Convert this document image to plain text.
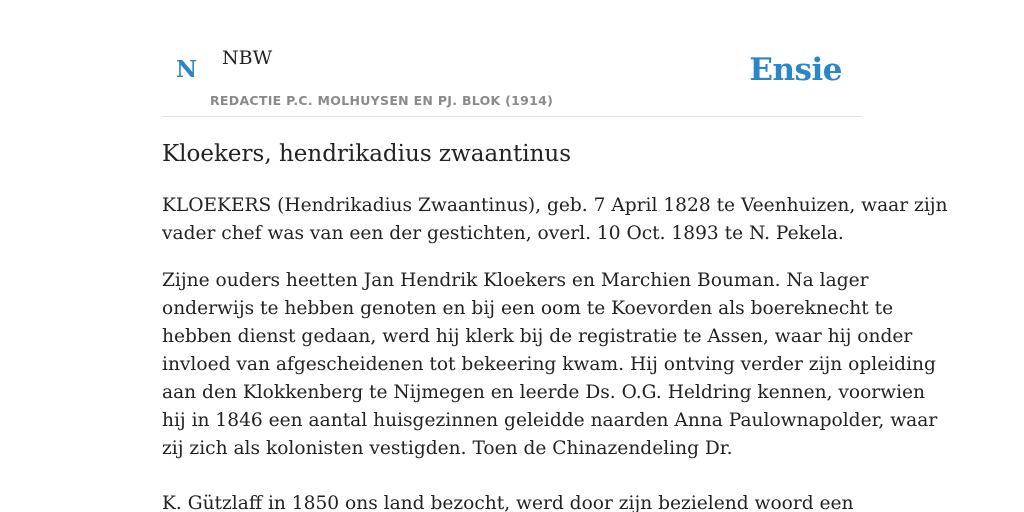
N NBW	Ensie
REDACTIE P.C. MOLHUYSEN EN PJ. BLOK (1914)
Kloekers, hendrikadius zwaantinus

KLOEKERS (Hendrikadius Zwaantinus), geb. 7 April 1828 te Veenhuizen, waar zijn
vader chef was van een der gestichten, overl. 10 Oct. 1893 te N. Pekela.

Zijne ouders heetten Jan Hendrik Kloekers en Marchien Bouman. Na lager
onderwijs te hebben genoten en bij een oom te Koevorden als boereknecht te
hebben dienst gedaan, werd hij klerk bij de registratie te Assen, waar hij onder
invloed van afgescheidenen tot bekeering kwam. Hij ontving verder zijn opleiding
aan den Klokkenberg te Nijmegen en leerde Ds. O.G. Heldring kennen, voorwien
hij in 1846 een aantal huisgezinnen geleidde naarden Anna Paulownapolder, waar
zij zich als kolonisten vestigden. Toen de Chinazendeling Dr.

K. Gützlaff in 1850 ons land bezocht, werd door zijn bezielend woord een
